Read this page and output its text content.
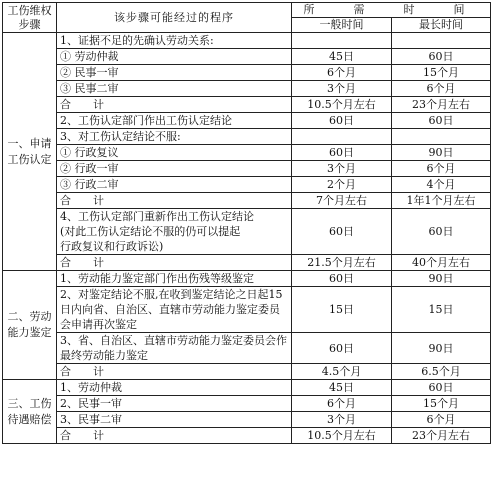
工伤维权步骤	该步骤可能经过的程序	所　需　时　间	
		一般时间	最长时间
一、申请工伤认定	1、证据不足的先确认劳动关系:		
	① 劳动仲裁	45日	60日
	② 民事一审	6个月	15个月
	③ 民事二审	3个月	6个月
	合　　计	10.5个月左右	23个月左右
	2、工伤认定部门作出工伤认定结论	60日	60日
	3、对工伤认定结论不服:		
	① 行政复议	60日	90日
	② 行政一审	3个月	6个月
	③ 行政二审	2个月	4个月
	合　　计	7个月左右	1年1个月左右

	4、工伤认定部门重新作出工伤认定结论
(对此工伤认定结论不服的仍可以提起
行政复议和行政诉讼)	60日	60日
	合　　计	21.5个月左右	40个月左右
二、劳动能力鉴定	1、劳动能力鉴定部门作出伤残等级鉴定	60日	90日
	2、对鉴定结论不服,在收到鉴定结论之日起15日内向省、自治区、直辖市劳动能力鉴定委员会申请再次鉴定	15日	15日
	3、省、自治区、直辖市劳动能力鉴定委员会作最终劳动能力鉴定	60日	90日
	合　　计	4.5个月	6.5个月
三、工伤待遇赔偿	1、劳动仲裁	45日	60日
	2、民事一审	6个月	15个月
	3、民事二审	3个月	6个月
	合　　计	10.5个月左右	23个月左右
